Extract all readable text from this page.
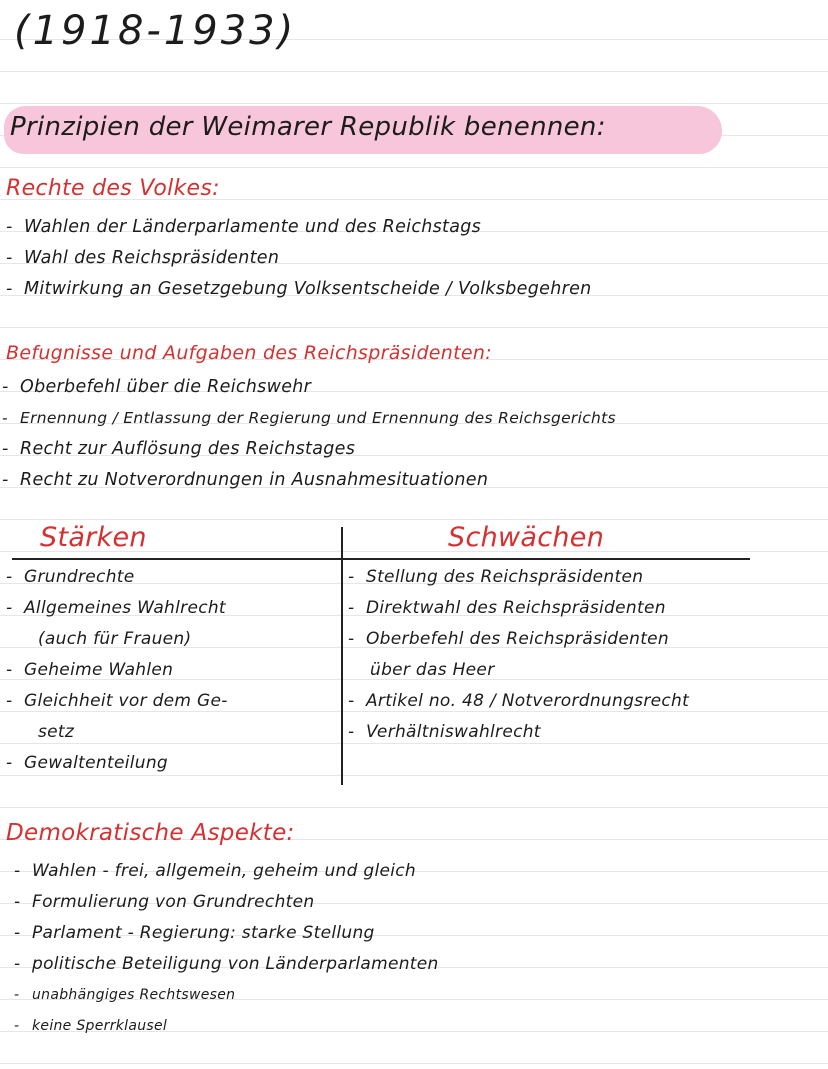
(1918-1933)
Prinzipien der Weimarer Republik benennen:
Rechte des Volkes:
- Wahlen der Länderparlamente und des Reichstags
- Wahl des Reichspräsidenten
- Mitwirkung an Gesetzgebung Volksentscheide / Volksbegehren
Befugnisse und Aufgaben des Reichspräsidenten:
- Oberbefehl über die Reichswehr
- Ernennung / Entlassung der Regierung und Ernennung des Reichsgerichts
- Recht zur Auflösung des Reichstages
- Recht zu Notverordnungen in Ausnahmesituationen
Stärken	Schwächen
- Grundrechte
- Allgemeines Wahlrecht
(auch für Frauen)
- Geheime Wahlen
- Gleichheit vor dem Ge-
setz
- Gewaltenteilung
- Stellung des Reichspräsidenten
- Direktwahl des Reichspräsidenten
- Oberbefehl des Reichspräsidenten
über das Heer
- Artikel no. 48 / Notverordnungsrecht
- Verhältniswahlrecht
Demokratische Aspekte:
- Wahlen - frei, allgemein, geheim und gleich
- Formulierung von Grundrechten
- Parlament - Regierung: starke Stellung
- politische Beteiligung von Länderparlamenten
- unabhängiges Rechtswesen
- keine Sperrklausel
